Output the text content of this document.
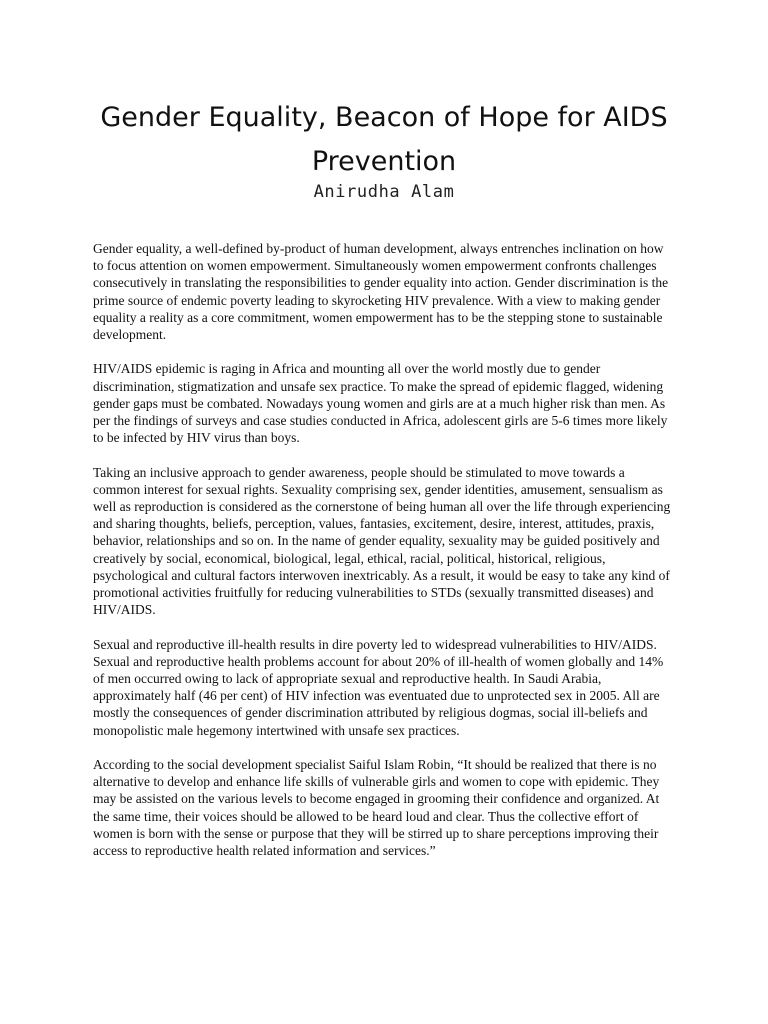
Gender Equality, Beacon of Hope for AIDS Prevention
Anirudha Alam

Gender equality, a well-defined by-product of human development, always entrenches inclination on how to focus attention on women empowerment. Simultaneously women empowerment confronts challenges consecutively in translating the responsibilities to gender equality into action. Gender discrimination is the prime source of endemic poverty leading to skyrocketing HIV prevalence. With a view to making gender equality a reality as a core commitment, women empowerment has to be the stepping stone to sustainable development.

HIV/AIDS epidemic is raging in Africa and mounting all over the world mostly due to gender discrimination, stigmatization and unsafe sex practice. To make the spread of epidemic flagged, widening gender gaps must be combated. Nowadays young women and girls are at a much higher risk than men. As per the findings of surveys and case studies conducted in Africa, adolescent girls are 5-6 times more likely to be infected by HIV virus than boys.

Taking an inclusive approach to gender awareness, people should be stimulated to move towards a common interest for sexual rights. Sexuality comprising sex, gender identities, amusement, sensualism as well as reproduction is considered as the cornerstone of being human all over the life through experiencing and sharing thoughts, beliefs, perception, values, fantasies, excitement, desire, interest, attitudes, praxis, behavior, relationships and so on. In the name of gender equality, sexuality may be guided positively and creatively by social, economical, biological, legal, ethical, racial, political, historical, religious, psychological and cultural factors interwoven inextricably. As a result, it would be easy to take any kind of promotional activities fruitfully for reducing vulnerabilities to STDs (sexually transmitted diseases) and HIV/AIDS.

Sexual and reproductive ill-health results in dire poverty led to widespread vulnerabilities to HIV/AIDS. Sexual and reproductive health problems account for about 20% of ill-health of women globally and 14% of men occurred owing to lack of appropriate sexual and reproductive health. In Saudi Arabia, approximately half (46 per cent) of HIV infection was eventuated due to unprotected sex in 2005. All are mostly the consequences of gender discrimination attributed by religious dogmas, social ill-beliefs and monopolistic male hegemony intertwined with unsafe sex practices.

According to the social development specialist Saiful Islam Robin, “It should be realized that there is no alternative to develop and enhance life skills of vulnerable girls and women to cope with epidemic. They may be assisted on the various levels to become engaged in grooming their confidence and organized. At the same time, their voices should be allowed to be heard loud and clear. Thus the collective effort of women is born with the sense or purpose that they will be stirred up to share perceptions improving their access to reproductive health related information and services.”
